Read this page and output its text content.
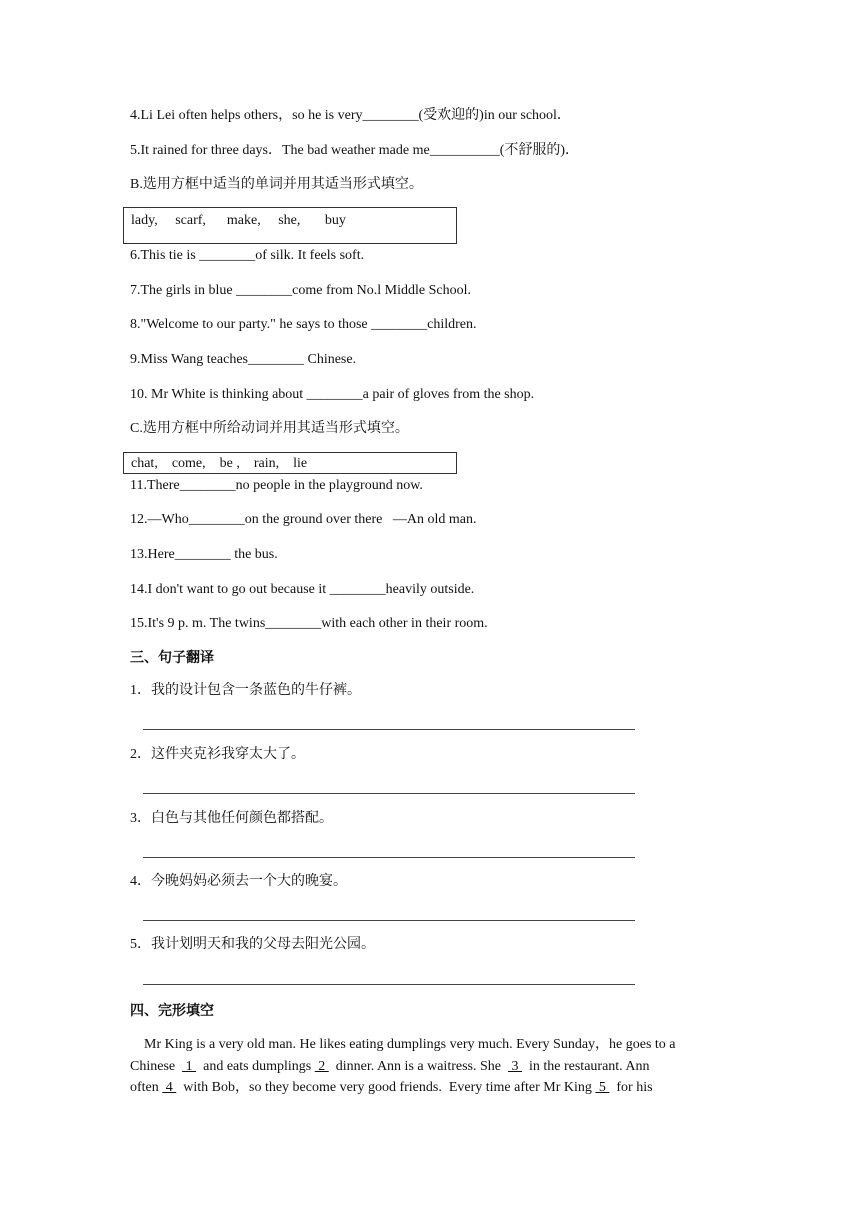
4.Li Lei often helps others，so he is very________(受欢迎的)in our school．
5.It rained for three days．The bad weather made me__________(不舒服的)．
B.选用方框中适当的单词并用其适当形式填空。
lady,     scarf,      make,     she,       buy
6.This tie is ________of silk. It feels soft.
7.The girls in blue ________come from No.l Middle School.
8."Welcome to our party." he says to those ________children.
9.Miss Wang teaches________ Chinese.
10. Mr White is thinking about ________a pair of gloves from the shop.
C.选用方框中所给动词并用其适当形式填空。
chat,    come,    be ,    rain,    lie
11.There________no people in the playground now.
12.—Who________on the ground over there   —An old man.
13.Here________ the bus.
14.I don't want to go out because it ________heavily outside.
15.It's 9 p. m. The twins________with each other in their room.
三、句子翻译
1．我的设计包含一条蓝色的牛仔裤。
2．这件夹克衫我穿太大了。
3．白色与其他任何颜色都搭配。
4．今晚妈妈必须去一个大的晚宴。
5．我计划明天和我的父母去阳光公园。
四、完形填空
Mr King is a very old man. He likes eating dumplings very much. Every Sunday，he goes to a
Chinese   1   and eats dumplings  2   dinner. Ann is a waitress. She   3   in the restaurant. Ann
often  4   with Bob，so they become very good friends.  Every time after Mr King  5   for his
